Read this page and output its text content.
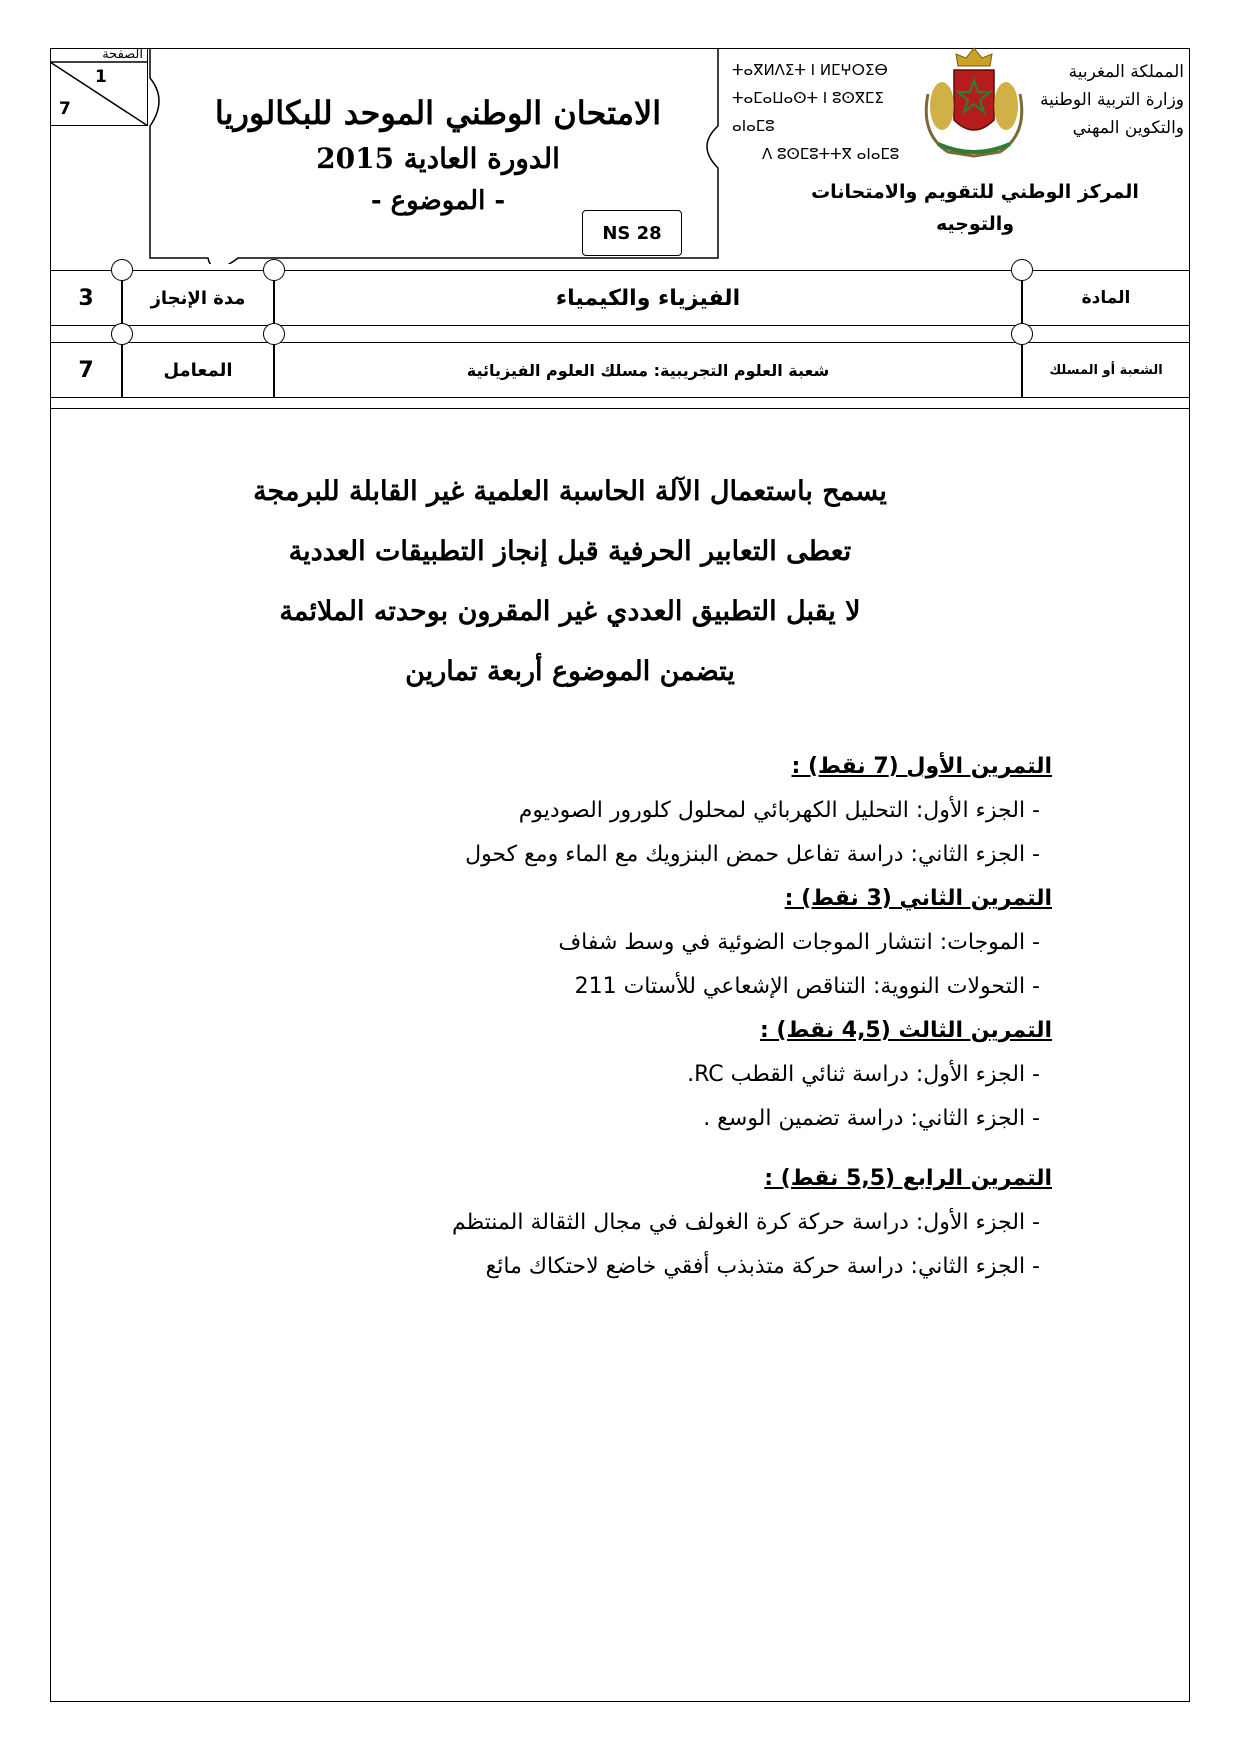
الصفحة
1
7	الامتحان الوطني الموحد للبكالوريا
الدورة العادية 2015
- الموضوع -
NS 28
ⵜⴰⴳⵍⴷⵉⵜ ⵏ ⵍⵎⵖⵔⵉⴱ
ⵜⴰⵎⴰⵡⴰⵙⵜ ⵏ ⵓⵙⴳⵎⵉ ⴰⵏⴰⵎⵓ
ⴷ ⵓⵙⵎⵓⵜⵜⴳ ⴰⵏⴰⵎⵓ
المملكة المغربية
وزارة التربية الوطنية
والتكوين المهني
المركز الوطني للتقويم والامتحانات
والتوجيه
3	مدة الإنجاز	الفيزياء والكيمياء	المادة
7	المعامل	شعبة العلوم التجريبية: مسلك العلوم الفيزيائية	الشعبة أو المسلك
يسمح باستعمال الآلة الحاسبة العلمية غير القابلة للبرمجة
تعطى التعابير الحرفية قبل إنجاز التطبيقات العددية
لا يقبل التطبيق العددي غير المقرون بوحدته الملائمة
يتضمن الموضوع أربعة تمارين
التمرين الأول (7 نقط) :
- الجزء الأول: التحليل الكهربائي لمحلول كلورور الصوديوم
- الجزء الثاني: دراسة تفاعل حمض البنزويك مع الماء ومع كحول
التمرين الثاني (3 نقط) :
- الموجات: انتشار الموجات الضوئية في وسط شفاف
- التحولات النووية: التناقص الإشعاعي للأستات 211
التمرين الثالث (4,5 نقط) :
- الجزء الأول: دراسة ثنائي القطب RC.
- الجزء الثاني: دراسة تضمين الوسع .
التمرين الرابع (5,5 نقط) :
- الجزء الأول: دراسة حركة كرة الغولف في مجال الثقالة المنتظم
- الجزء الثاني: دراسة حركة متذبذب أفقي خاضع لاحتكاك مائع
